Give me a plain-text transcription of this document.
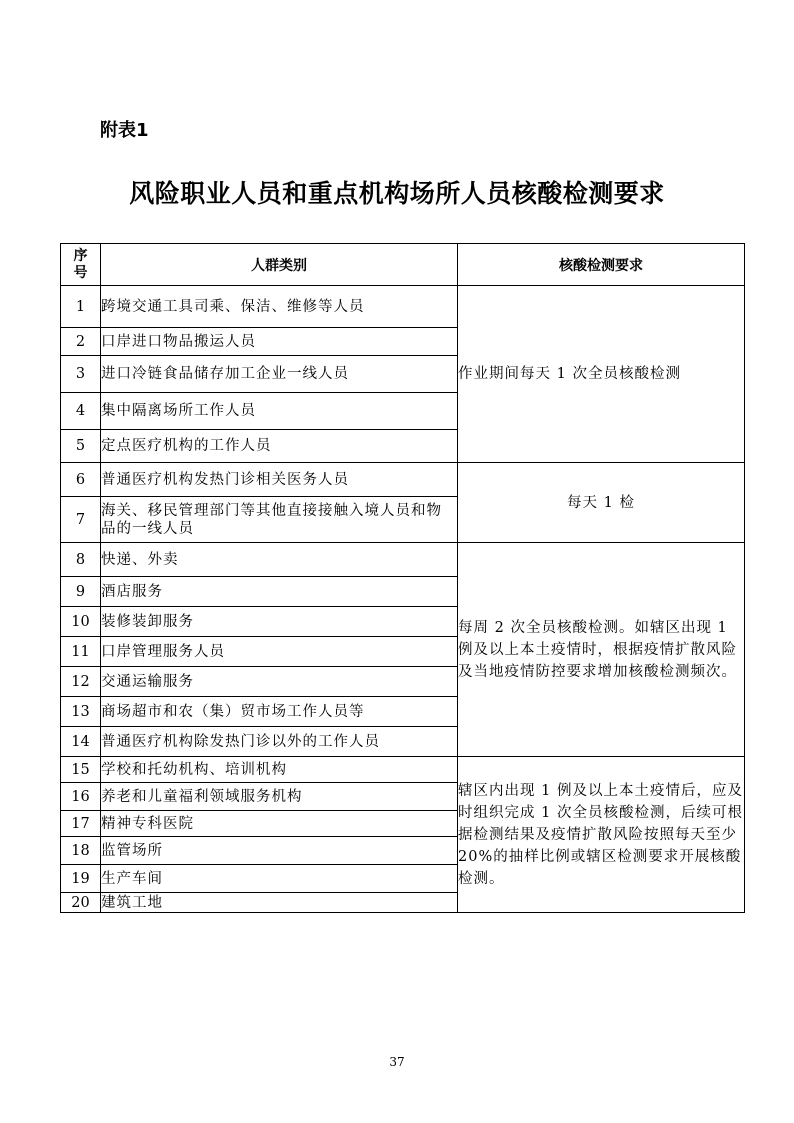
附表1
风险职业人员和重点机构场所人员核酸检测要求
序
号	人群类别	核酸检测要求
1	跨境交通工具司乘、保洁、维修等人员	作业期间每天 1 次全员核酸检测
2	口岸进口物品搬运人员	
3	进口冷链食品储存加工企业一线人员	
4	集中隔离场所工作人员	
5	定点医疗机构的工作人员	
6	普通医疗机构发热门诊相关医务人员	每天 1 检
7	海关、移民管理部门等其他直接接触入境人员和物品的一线人员	
8	快递、外卖	每周 2 次全员核酸检测。如辖区出现 1 例及以上本土疫情时，根据疫情扩散风险及当地疫情防控要求增加核酸检测频次。
9	酒店服务	
10	装修装卸服务	
11	口岸管理服务人员	
12	交通运输服务	
13	商场超市和农（集）贸市场工作人员等	
14	普通医疗机构除发热门诊以外的工作人员	
15	学校和托幼机构、培训机构	辖区内出现 1 例及以上本土疫情后，应及时组织完成 1 次全员核酸检测，后续可根据检测结果及疫情扩散风险按照每天至少 20%的抽样比例或辖区检测要求开展核酸检测。
16	养老和儿童福利领域服务机构	
17	精神专科医院	
18	监管场所	
19	生产车间	
20	建筑工地	
37
